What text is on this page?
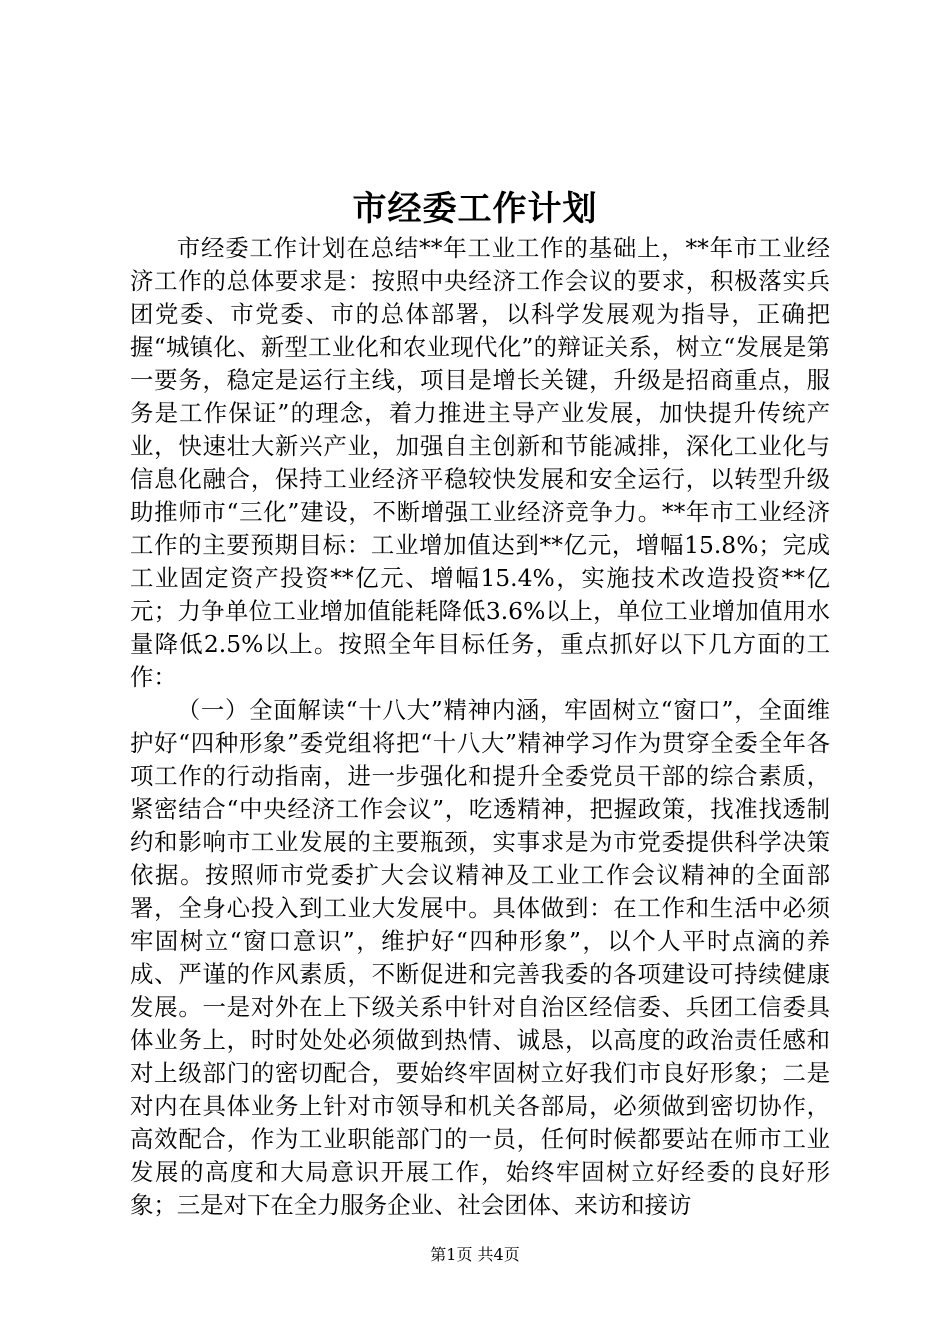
市经委工作计划

市经委工作计划在总结**年工业工作的基础上，**年市工业经济工作的总体要求是：按照中央经济工作会议的要求，积极落实兵团党委、市党委、市的总体部署，以科学发展观为指导，正确把握“城镇化、新型工业化和农业现代化”的辩证关系，树立“发展是第一要务，稳定是运行主线，项目是增长关键，升级是招商重点，服务是工作保证”的理念，着力推进主导产业发展，加快提升传统产业，快速壮大新兴产业，加强自主创新和节能减排，深化工业化与信息化融合，保持工业经济平稳较快发展和安全运行，以转型升级助推师市“三化”建设，不断增强工业经济竞争力。**年市工业经济工作的主要预期目标：工业增加值达到**亿元，增幅15.8%；完成工业固定资产投资**亿元、增幅15.4%，实施技术改造投资**亿元；力争单位工业增加值能耗降低3.6%以上，单位工业增加值用水量降低2.5%以上。按照全年目标任务，重点抓好以下几方面的工作：

（一）全面解读“十八大”精神内涵，牢固树立“窗口”，全面维护好“四种形象”委党组将把“十八大”精神学习作为贯穿全委全年各项工作的行动指南，进一步强化和提升全委党员干部的综合素质，紧密结合“中央经济工作会议”，吃透精神，把握政策，找准找透制约和影响市工业发展的主要瓶颈，实事求是为市党委提供科学决策依据。按照师市党委扩大会议精神及工业工作会议精神的全面部署，全身心投入到工业大发展中。具体做到：在工作和生活中必须牢固树立“窗口意识”，维护好“四种形象”，以个人平时点滴的养成、严谨的作风素质，不断促进和完善我委的各项建设可持续健康发展。一是对外在上下级关系中针对自治区经信委、兵团工信委具体业务上，时时处处必须做到热情、诚恳，以高度的政治责任感和对上级部门的密切配合，要始终牢固树立好我们市良好形象；二是对内在具体业务上针对市领导和机关各部局，必须做到密切协作，高效配合，作为工业职能部门的一员，任何时候都要站在师市工业发展的高度和大局意识开展工作，始终牢固树立好经委的良好形象；三是对下在全力服务企业、社会团体、来访和接访

第1页 共4页
